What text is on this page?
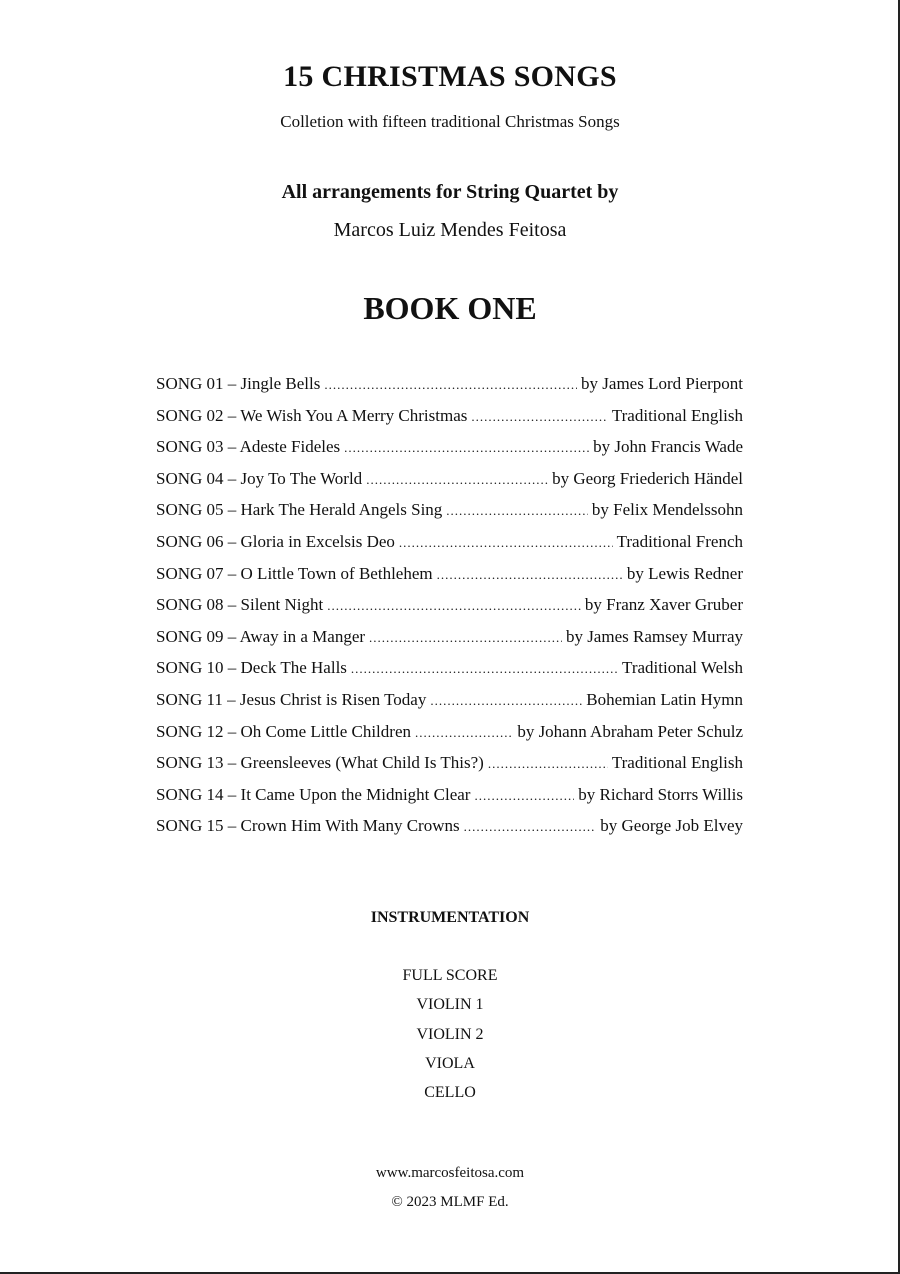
15 CHRISTMAS SONGS
Colletion with fifteen traditional Christmas Songs
All arrangements for String Quartet by
Marcos Luiz Mendes Feitosa
BOOK ONE
SONG 01 – Jingle Bells .....	by James Lord Pierpont
SONG 02 – We Wish You A Merry Christmas .....	Traditional English
SONG 03 – Adeste Fideles .....	by John Francis Wade
SONG 04 – Joy To The World .....	by Georg Friederich Händel
SONG 05 – Hark The Herald Angels Sing .....	by Felix Mendelssohn
SONG 06 – Gloria in Excelsis Deo .....	Traditional French
SONG 07 – O Little Town of Bethlehem .....	by Lewis Redner
SONG 08 – Silent Night .....	by Franz Xaver Gruber
SONG 09 – Away in a Manger .....	by James Ramsey Murray
SONG 10 – Deck The Halls .....	Traditional Welsh
SONG 11 – Jesus Christ is Risen Today .....	Bohemian Latin Hymn
SONG 12 – Oh Come Little Children .....	by Johann Abraham Peter Schulz
SONG 13 – Greensleeves (What Child Is This?) .....	Traditional English
SONG 14 – It Came Upon the Midnight Clear .....	by Richard Storrs Willis
SONG 15 – Crown Him With Many Crowns .....	by George Job Elvey
INSTRUMENTATION
FULL SCORE
VIOLIN 1
VIOLIN 2
VIOLA
CELLO
www.marcosfeitosa.com
© 2023 MLMF Ed.
